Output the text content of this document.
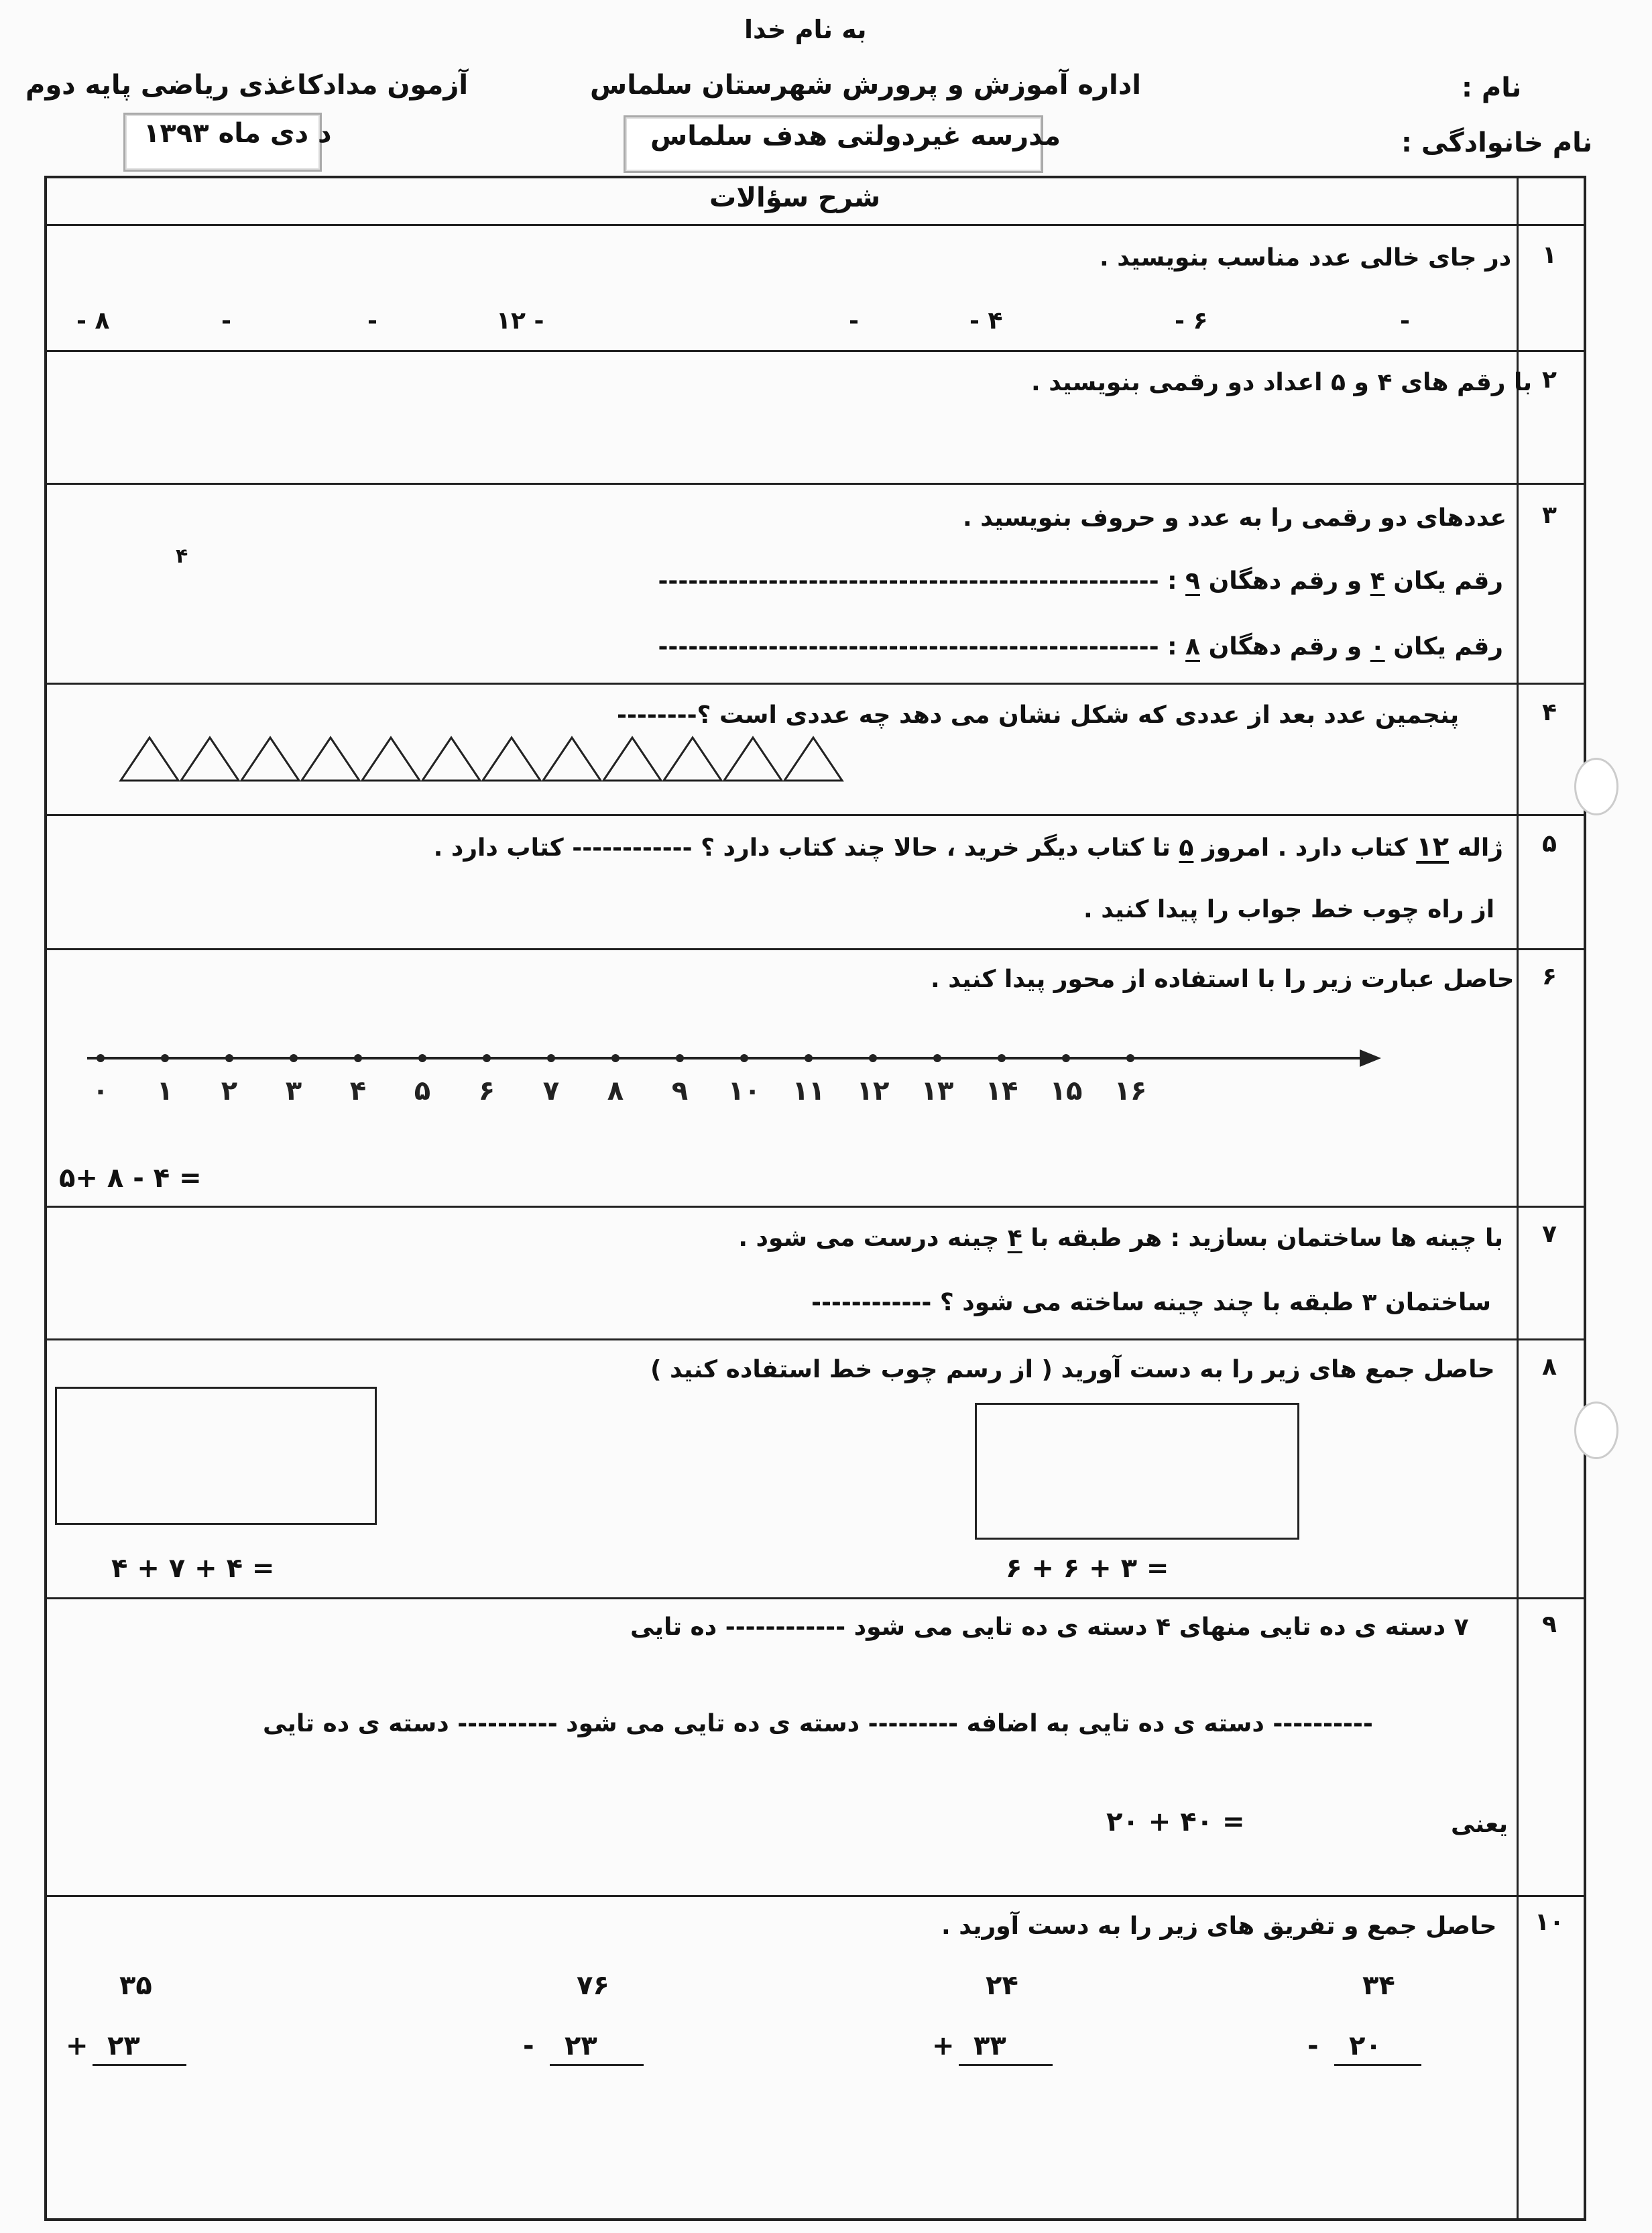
به نام خدا
اداره آموزش و پرورش شهرستان سلماس
آزمون مدادکاغذی ریاضی پایه دوم	نام :
د دی ماه ۱۳۹۳	مدرسه غیردولتی هدف سلماس	نام خانوادگی :
شرح سؤالات
۱
در جای خالی عدد مناسب بنویسید .
-
- ۶
- ۴
-
۱۲ -
-
-
- ۸
۲
با رقم های ۴ و ۵ اعداد دو رقمی بنویسید .
۳
عددهای دو رقمی را به عدد و حروف بنویسید .
۴
رقم یکان ۴ و رقم دهگان ۹ : --------------------------------------------------
رقم یکان ۰ و رقم دهگان ۸ : --------------------------------------------------
۴
پنجمین عدد بعد از عددی که شکل نشان می دهد چه عددی است ؟--------
۵
ژاله ۱۲ کتاب دارد . امروز ۵ تا کتاب دیگر خرید ، حالا چند کتاب دارد ؟ ------------ کتاب دارد .
از راه چوب خط جواب را پیدا کنید .
۶
حاصل عبارت زیر را با استفاده از محور پیدا کنید .
۰ ۱ ۲ ۳ ۴ ۵ ۶ ۷ ۸ ۹ ۱۰ ۱۱ ۱۲ ۱۳ ۱۴ ۱۵ ۱۶
۵+ ۸ - ۴ =
۷
با چینه ها ساختمان بسازید : هر طبقه با ۴ چینه درست می شود .
ساختمان ۳ طبقه با چند چینه ساخته می شود ؟ ------------
۸
حاصل جمع های زیر را به دست آورید ( از رسم چوب خط استفاده کنید )
۶ + ۶ + ۳ =
۴ + ۷ + ۴ =
۹
۷ دسته ی ده تایی منهای ۴ دسته ی ده تایی می شود ------------ ده تایی
---------- دسته ی ده تایی به اضافه --------- دسته ی ده تایی می شود ---------- دسته ی ده تایی
یعنی
۲۰ + ۴۰ =
۱۰
حاصل جمع و تفریق های زیر را به دست آورید .
۳۴
- ۲۰
۲۴
+ ۳۳
۷۶
- ۲۳
۳۵
+ ۲۳
